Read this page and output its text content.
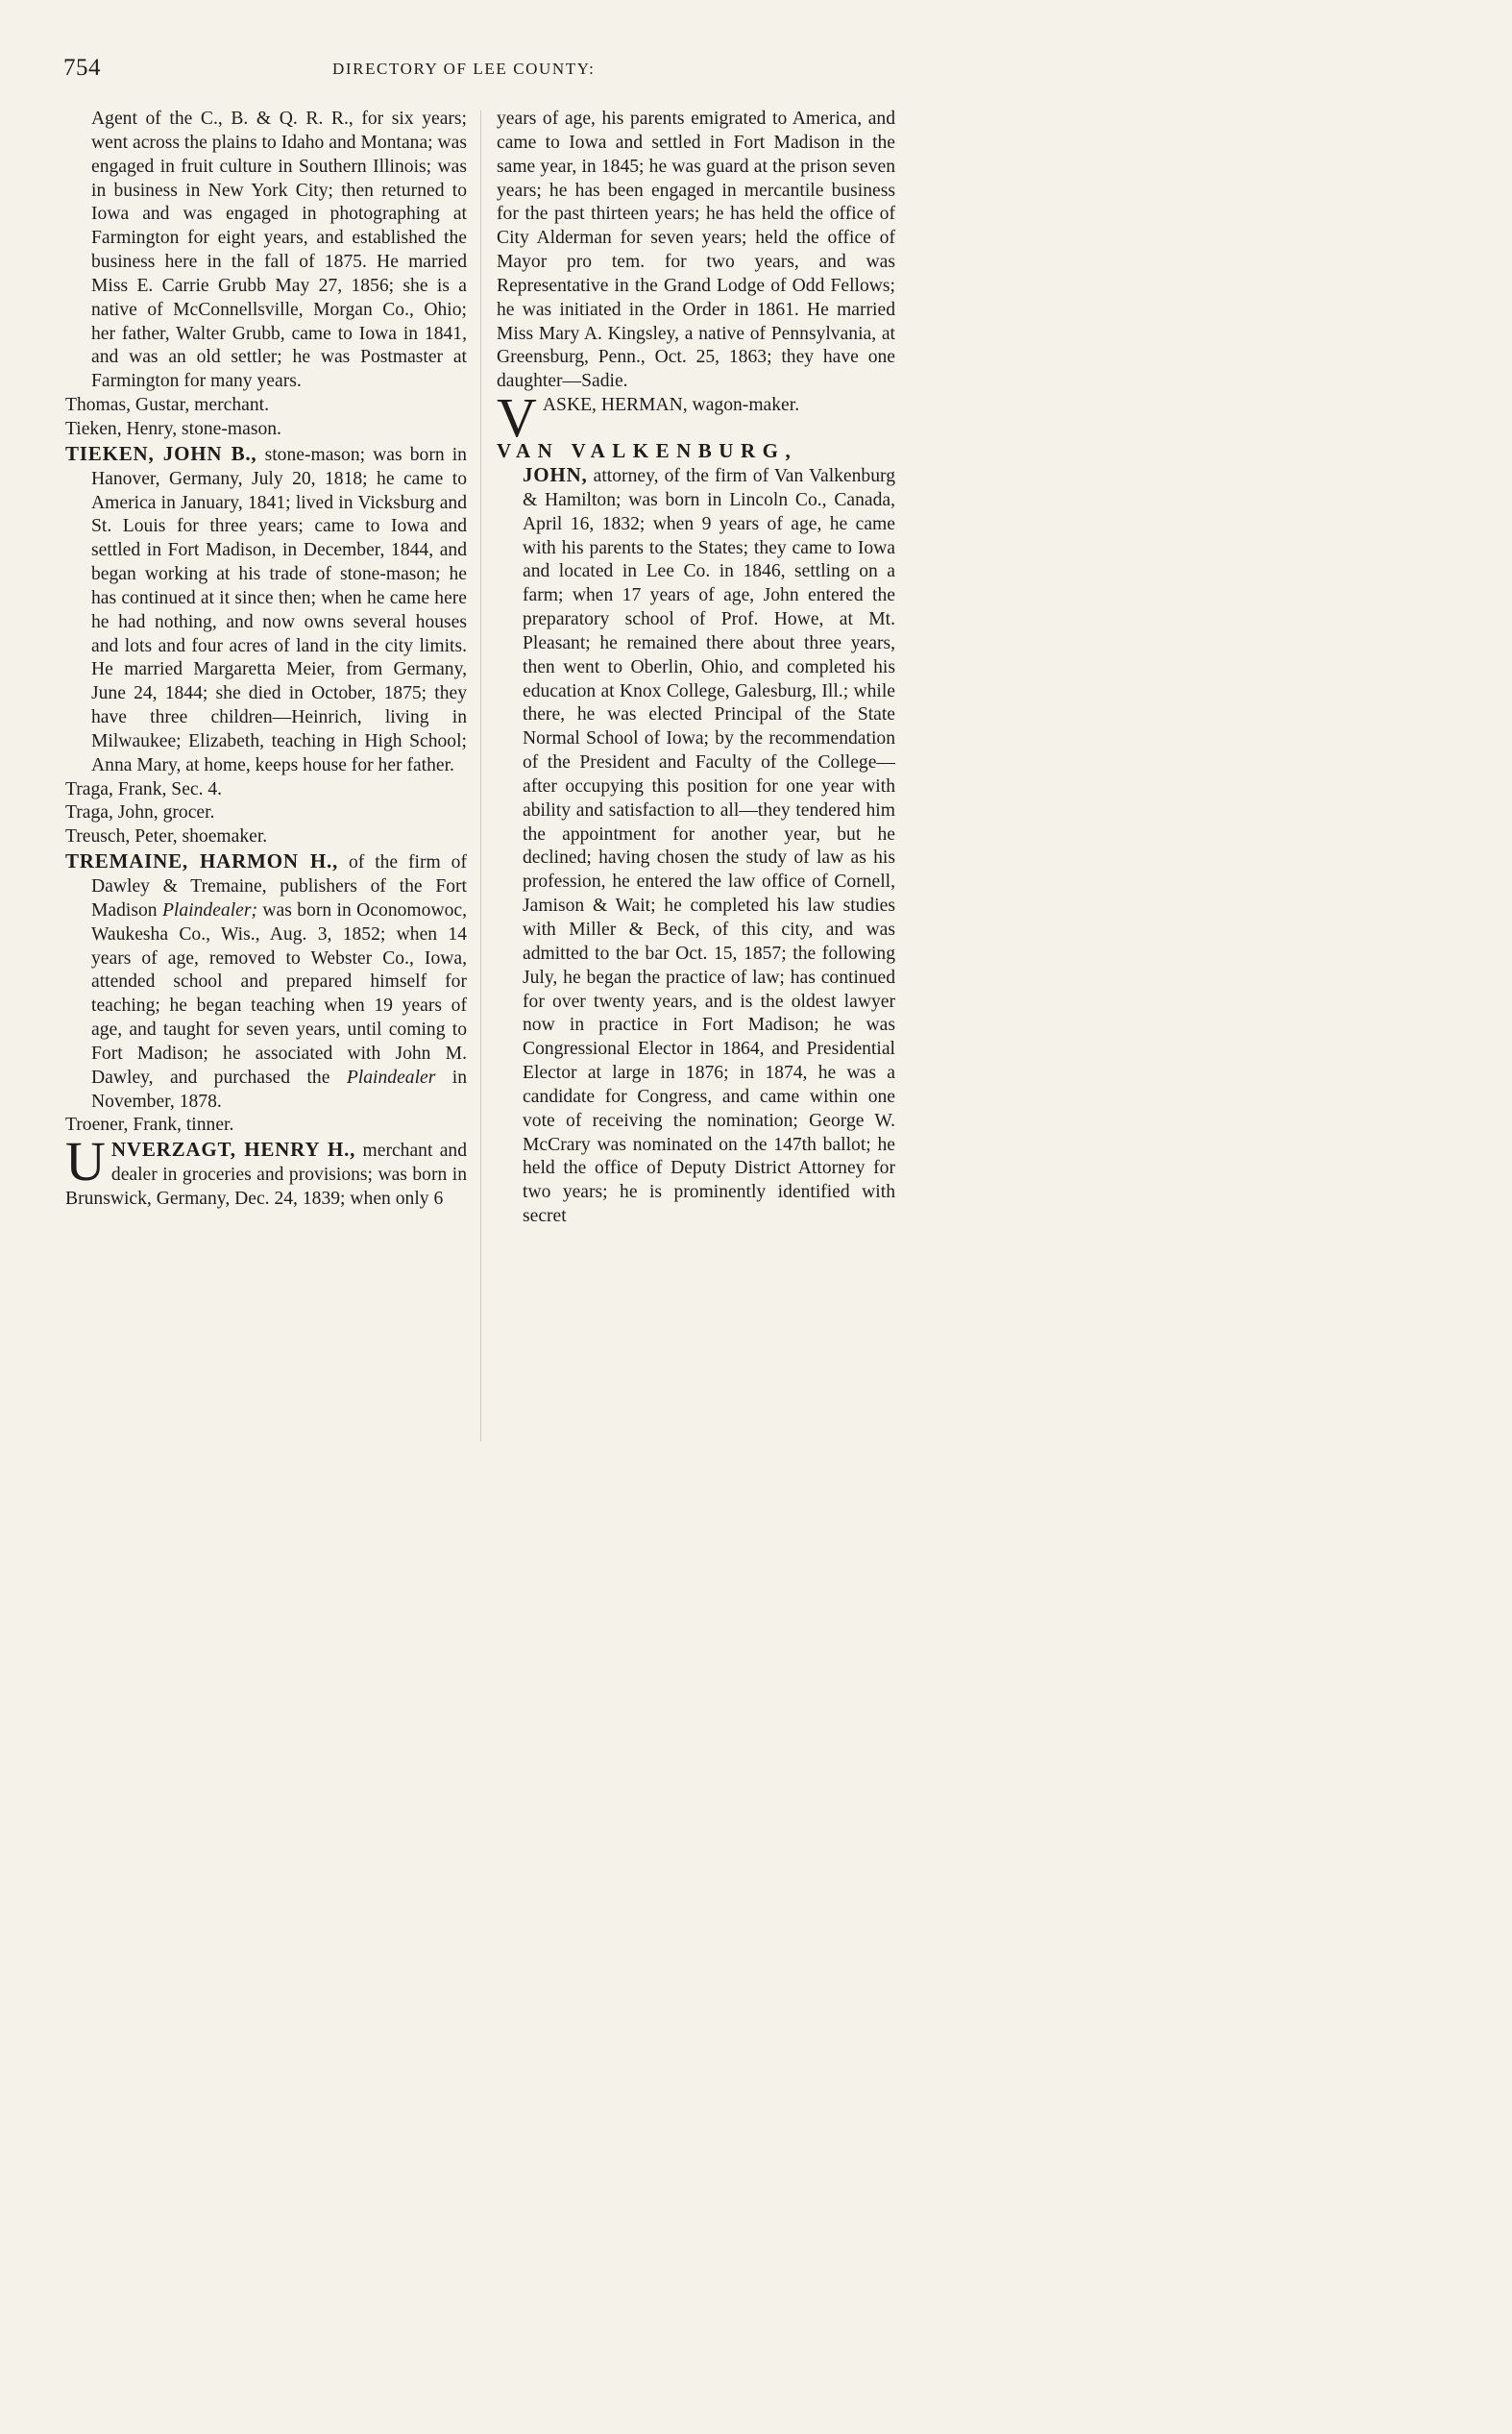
754	DIRECTORY OF LEE COUNTY:

Agent of the C., B. & Q. R. R., for six years; went across the plains to Idaho and Montana; was engaged in fruit culture in Southern Illinois; was in business in New York City; then returned to Iowa and was engaged in photographing at Farmington for eight years, and established the business here in the fall of 1875. He married Miss E. Carrie Grubb May 27, 1856; she is a native of McConnellsville, Morgan Co., Ohio; her father, Walter Grubb, came to Iowa in 1841, and was an old settler; he was Postmaster at Farmington for many years.

Thomas, Gustar, merchant.

Tieken, Henry, stone-mason.

TIEKEN, JOHN B., stone-mason; was born in Hanover, Germany, July 20, 1818; he came to America in January, 1841; lived in Vicksburg and St. Louis for three years; came to Iowa and settled in Fort Madison, in December, 1844, and began working at his trade of stone-mason; he has continued at it since then; when he came here he had nothing, and now owns several houses and lots and four acres of land in the city limits. He married Margaretta Meier, from Germany, June 24, 1844; she died in October, 1875; they have three children—Heinrich, living in Milwaukee; Elizabeth, teaching in High School; Anna Mary, at home, keeps house for her father.

Traga, Frank, Sec. 4.

Traga, John, grocer.

Treusch, Peter, shoemaker.

TREMAINE, HARMON H., of the firm of Dawley & Tremaine, publishers of the Fort Madison Plaindealer; was born in Oconomowoc, Waukesha Co., Wis., Aug. 3, 1852; when 14 years of age, removed to Webster Co., Iowa, attended school and prepared himself for teaching; he began teaching when 19 years of age, and taught for seven years, until coming to Fort Madison; he associated with John M. Dawley, and purchased the Plaindealer in November, 1878.

Troener, Frank, tinner.

UNVERZAGT, HENRY H., merchant and dealer in groceries and provisions; was born in Brunswick, Germany, Dec. 24, 1839; when only 6

years of age, his parents emigrated to America, and came to Iowa and settled in Fort Madison in the same year, in 1845; he was guard at the prison seven years; he has been engaged in mercantile business for the past thirteen years; he has held the office of City Alderman for seven years; held the office of Mayor pro tem. for two years, and was Representative in the Grand Lodge of Odd Fellows; he was initiated in the Order in 1861. He married Miss Mary A. Kingsley, a native of Pennsylvania, at Greensburg, Penn., Oct. 25, 1863; they have one daughter—Sadie.

VASKE, HERMAN, wagon-maker.

VAN VALKENBURG,
JOHN, attorney, of the firm of Van Valkenburg & Hamilton; was born in Lincoln Co., Canada, April 16, 1832; when 9 years of age, he came with his parents to the States; they came to Iowa and located in Lee Co. in 1846, settling on a farm; when 17 years of age, John entered the preparatory school of Prof. Howe, at Mt. Pleasant; he remained there about three years, then went to Oberlin, Ohio, and completed his education at Knox College, Galesburg, Ill.; while there, he was elected Principal of the State Normal School of Iowa; by the recommendation of the President and Faculty of the College—after occupying this position for one year with ability and satisfaction to all—they tendered him the appointment for another year, but he declined; having chosen the study of law as his profession, he entered the law office of Cornell, Jamison & Wait; he completed his law studies with Miller & Beck, of this city, and was admitted to the bar Oct. 15, 1857; the following July, he began the practice of law; has continued for over twenty years, and is the oldest lawyer now in practice in Fort Madison; he was Congressional Elector in 1864, and Presidential Elector at large in 1876; in 1874, he was a candidate for Congress, and came within one vote of receiving the nomination; George W. McCrary was nominated on the 147th ballot; he held the office of Deputy District Attorney for two years; he is prominently identified with secret
